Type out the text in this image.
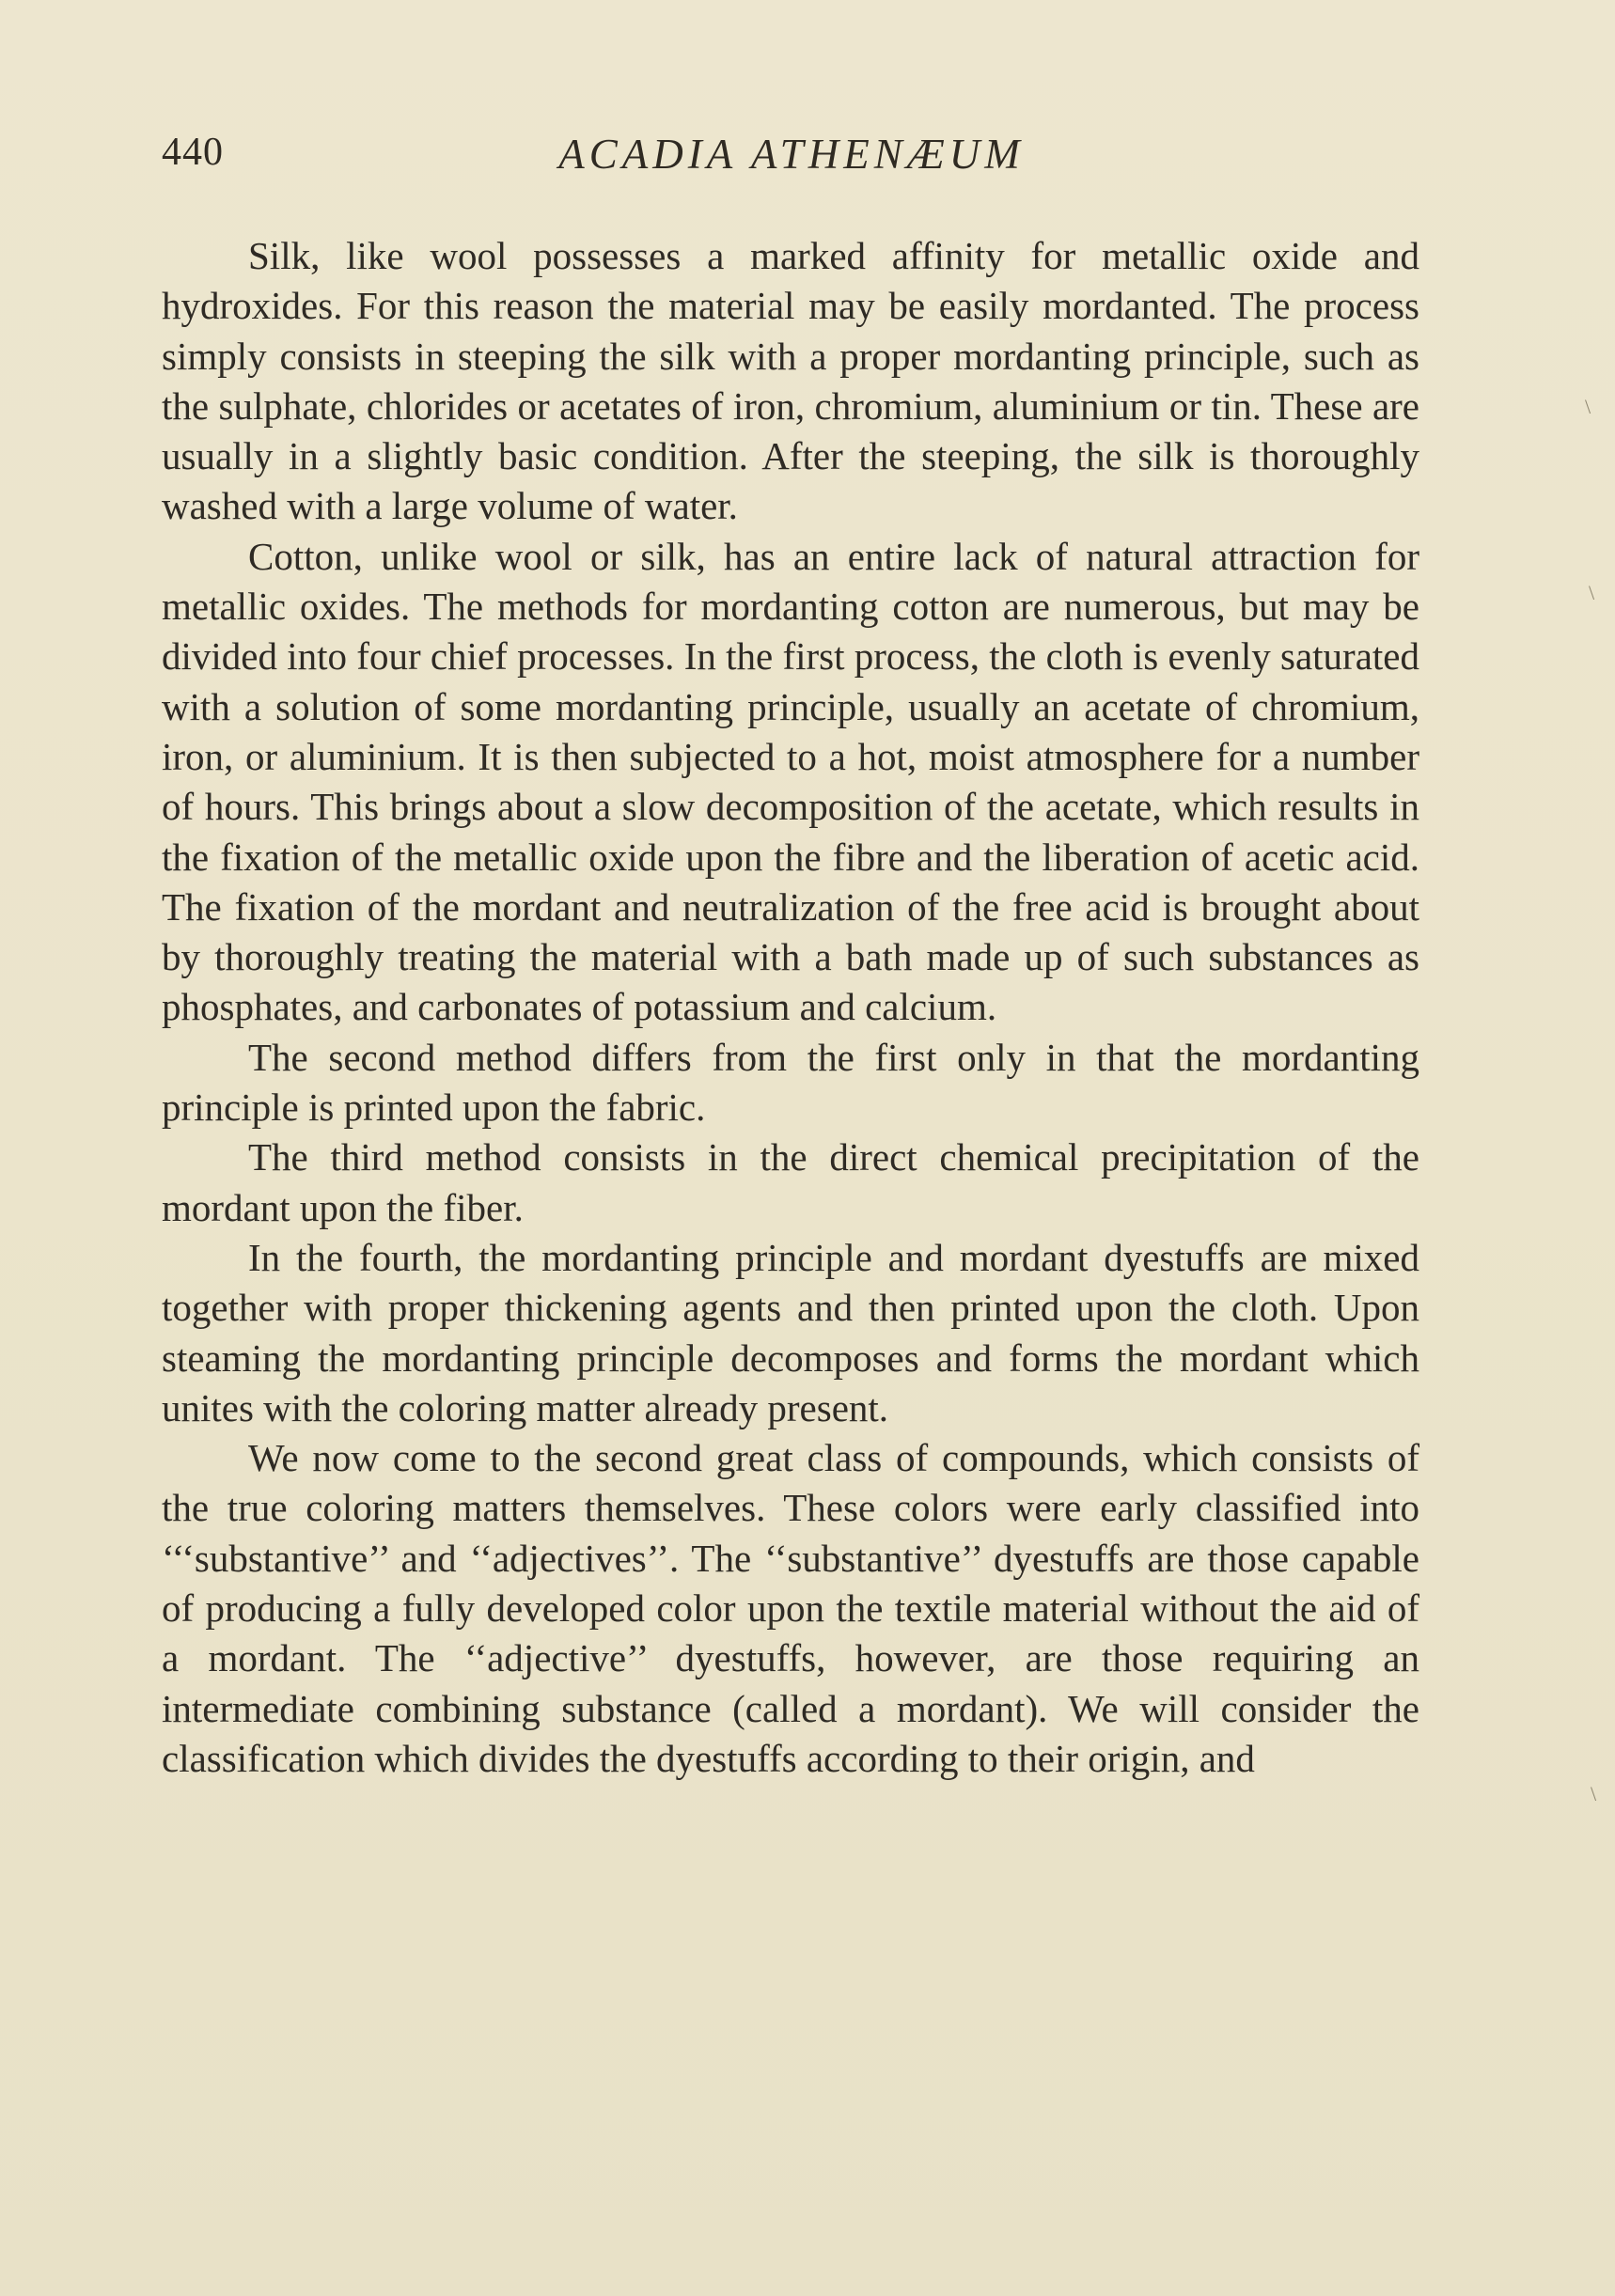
440	ACADIA ATHENÆUM

Silk, like wool possesses a marked affinity for metallic oxide and hydroxides. For this reason the material may be easily mordanted. The process simply consists in steeping the silk with a proper mordanting principle, such as the sulphate, chlorides or acetates of iron, chromium, aluminium or tin. These are usually in a slightly basic condition. After the steeping, the silk is thoroughly washed with a large volume of water.

Cotton, unlike wool or silk, has an entire lack of natural attraction for metallic oxides. The methods for mordanting cotton are numerous, but may be divided into four chief processes. In the first process, the cloth is evenly saturated with a solution of some mordanting principle, usually an acetate of chromium, iron, or aluminium. It is then subjected to a hot, moist atmosphere for a number of hours. This brings about a slow decomposition of the acetate, which results in the fixation of the metallic oxide upon the fibre and the liberation of acetic acid. The fixation of the mordant and neutralization of the free acid is brought about by thoroughly treating the material with a bath made up of such substances as phosphates, and carbonates of potassium and calcium.

The second method differs from the first only in that the mordanting principle is printed upon the fabric.

The third method consists in the direct chemical precipitation of the mordant upon the fiber.

In the fourth, the mordanting principle and mordant dyestuffs are mixed together with proper thickening agents and then printed upon the cloth. Upon steaming the mordanting principle decomposes and forms the mordant which unites with the coloring matter already present.

We now come to the second great class of compounds, which consists of the true coloring matters themselves. These colors were early classified into ‘‘‘substantive’’ and ‘‘adjectives’’. The ‘‘substantive’’ dyestuffs are those capable of producing a fully developed color upon the textile material without the aid of a mordant. The ‘‘adjective’’ dyestuffs, however, are those requiring an intermediate combining substance (called a mordant). We will consider the classification which divides the dyestuffs according to their origin, and

\
\
\
